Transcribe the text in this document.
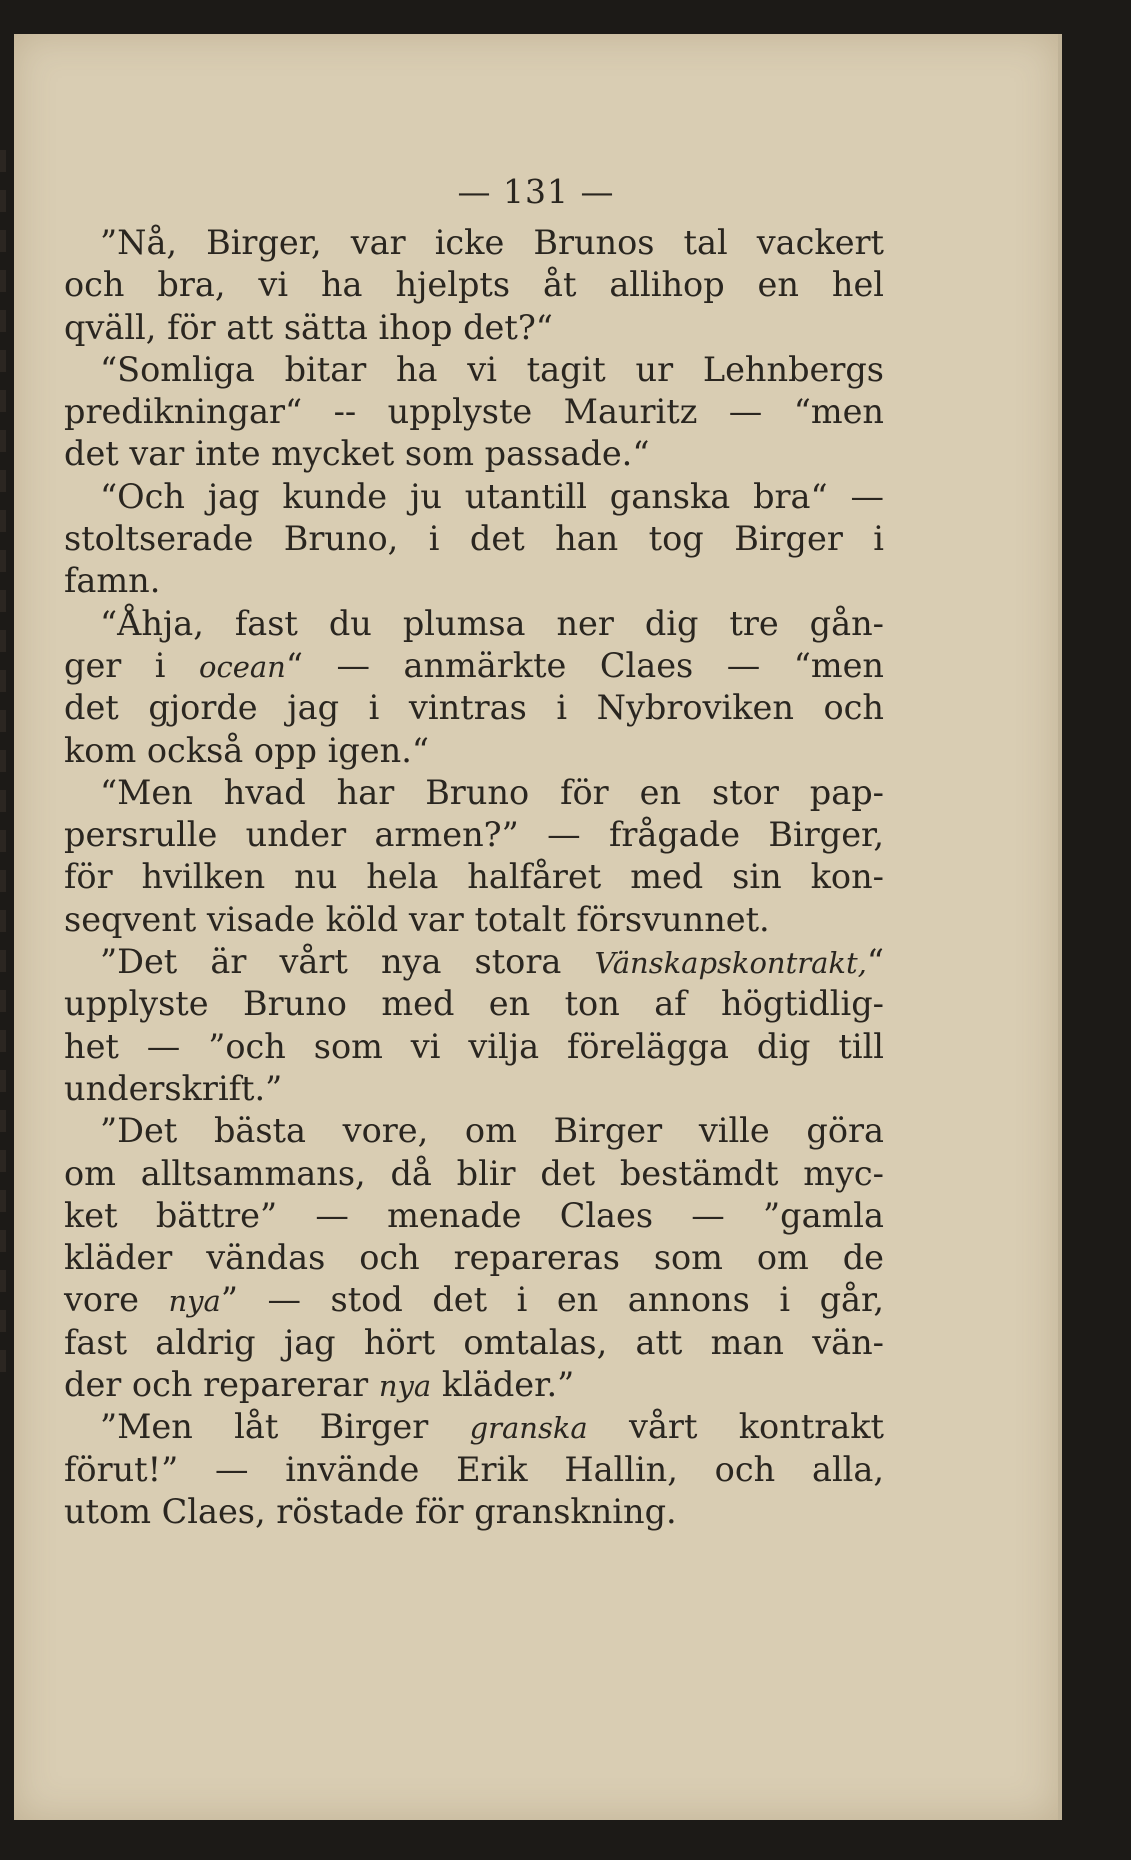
— 131 —
”Nå, Birger, var icke Brunos tal vackert
och bra, vi ha hjelpts åt allihop en hel
qväll, för att sätta ihop det?“
“Somliga bitar ha vi tagit ur Lehnbergs
predikningar“ -- upplyste Mauritz — “men
det var inte mycket som passade.“
“Och jag kunde ju utantill ganska bra“ —
stoltserade Bruno, i det han tog Birger i
famn.
“Åhja, fast du plumsa ner dig tre gån-
ger i ocean“ — anmärkte Claes — “men
det gjorde jag i vintras i Nybroviken och
kom också opp igen.“
“Men hvad har Bruno för en stor pap-
persrulle under armen?” — frågade Birger,
för hvilken nu hela halfåret med sin kon-
seqvent visade köld var totalt försvunnet.
”Det är vårt nya stora Vänskapskontrakt,“
upplyste Bruno med en ton af högtidlig-
het — ”och som vi vilja förelägga dig till
underskrift.”
”Det bästa vore, om Birger ville göra
om alltsammans, då blir det bestämdt myc-
ket bättre” — menade Claes — ”gamla
kläder vändas och repareras som om de
vore nya” — stod det i en annons i går,
fast aldrig jag hört omtalas, att man vän-
der och reparerar nya kläder.”
”Men låt Birger granska vårt kontrakt
förut!” — invände Erik Hallin, och alla,
utom Claes, röstade för granskning.
